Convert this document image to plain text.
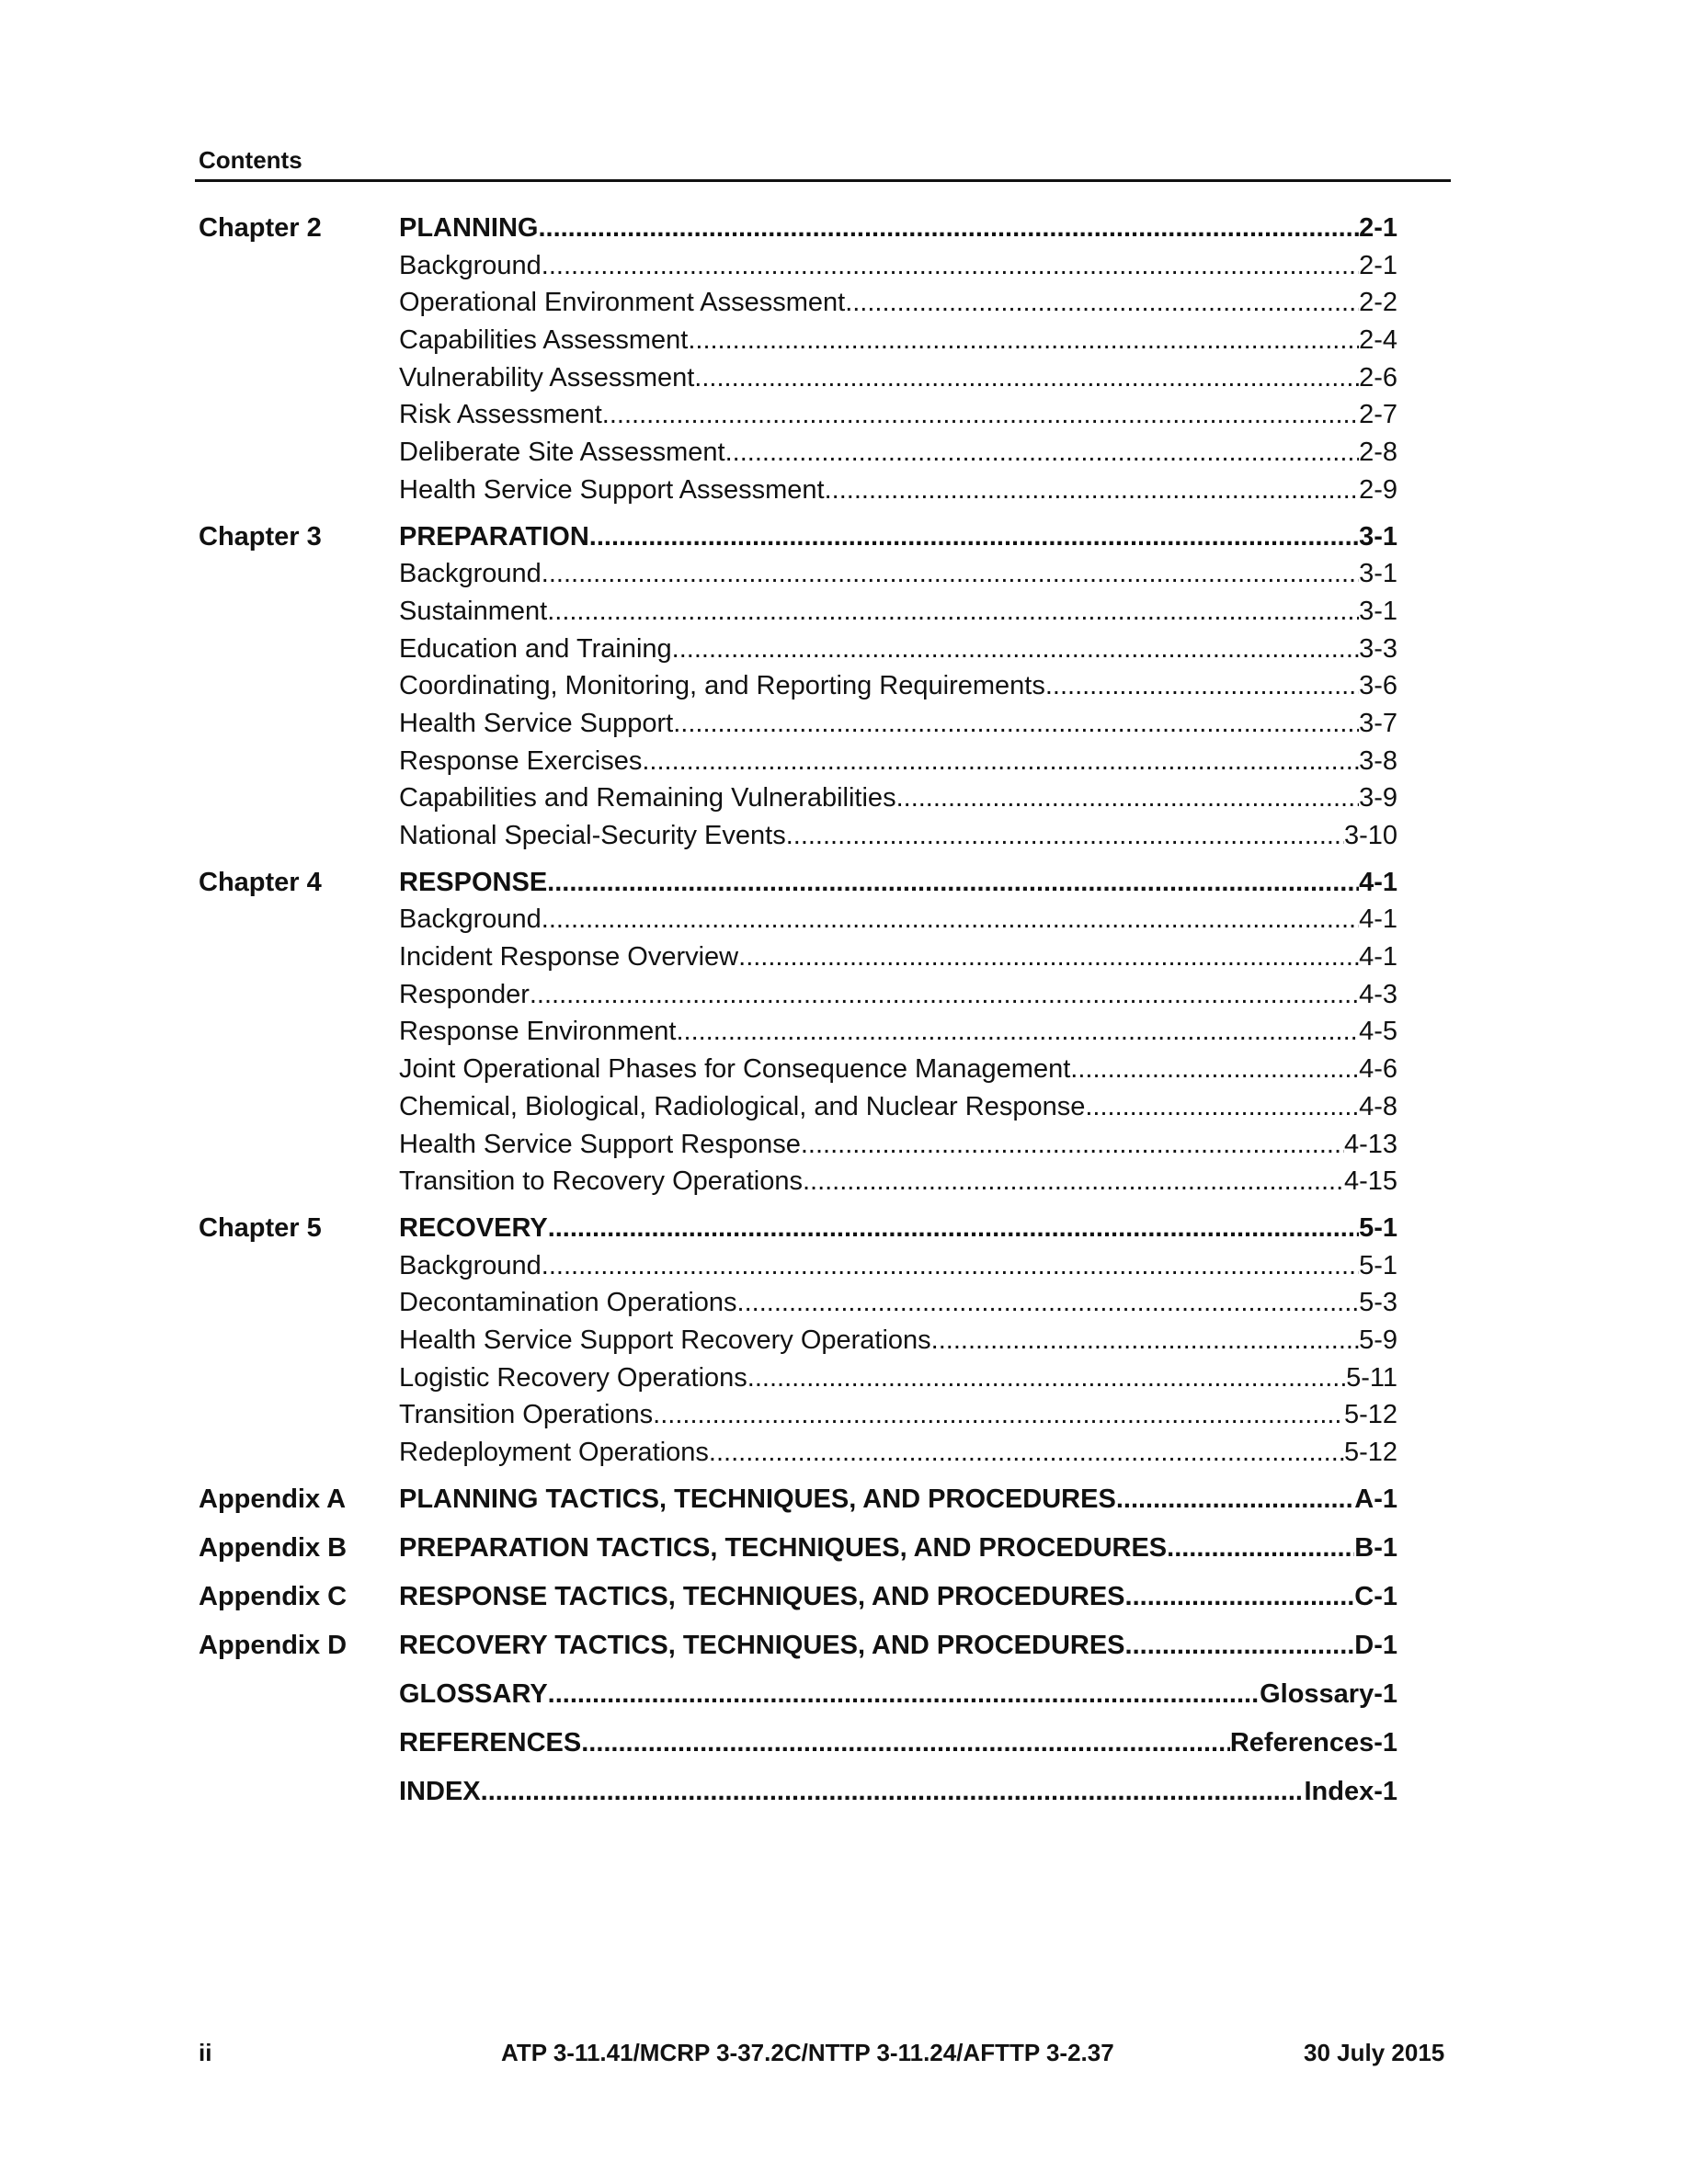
Contents
Chapter 2	PLANNING .....	2-1
Background .....	2-1
Operational Environment Assessment .....	2-2
Capabilities Assessment .....	2-4
Vulnerability Assessment .....	2-6
Risk Assessment .....	2-7
Deliberate Site Assessment .....	2-8
Health Service Support Assessment .....	2-9
Chapter 3	PREPARATION .....	3-1
Background .....	3-1
Sustainment .....	3-1
Education and Training .....	3-3
Coordinating, Monitoring, and Reporting Requirements .....	3-6
Health Service Support .....	3-7
Response Exercises .....	3-8
Capabilities and Remaining Vulnerabilities .....	3-9
National Special-Security Events .....	3-10
Chapter 4	RESPONSE .....	4-1
Background .....	4-1
Incident Response Overview .....	4-1
Responder .....	4-3
Response Environment .....	4-5
Joint Operational Phases for Consequence Management .....	4-6
Chemical, Biological, Radiological, and Nuclear Response .....	4-8
Health Service Support Response .....	4-13
Transition to Recovery Operations .....	4-15
Chapter 5	RECOVERY .....	5-1
Background .....	5-1
Decontamination Operations .....	5-3
Health Service Support Recovery Operations .....	5-9
Logistic Recovery Operations .....	5-11
Transition Operations .....	5-12
Redeployment Operations .....	5-12
Appendix A	PLANNING TACTICS, TECHNIQUES, AND PROCEDURES .....	A-1
Appendix B	PREPARATION TACTICS, TECHNIQUES, AND PROCEDURES .....	B-1
Appendix C	RESPONSE TACTICS, TECHNIQUES, AND PROCEDURES .....	C-1
Appendix D	RECOVERY TACTICS, TECHNIQUES, AND PROCEDURES .....	D-1
GLOSSARY .....	Glossary-1
REFERENCES .....	References-1
INDEX .....	Index-1
ii	ATP 3-11.41/MCRP 3-37.2C/NTTP 3-11.24/AFTTP 3-2.37	30 July 2015
